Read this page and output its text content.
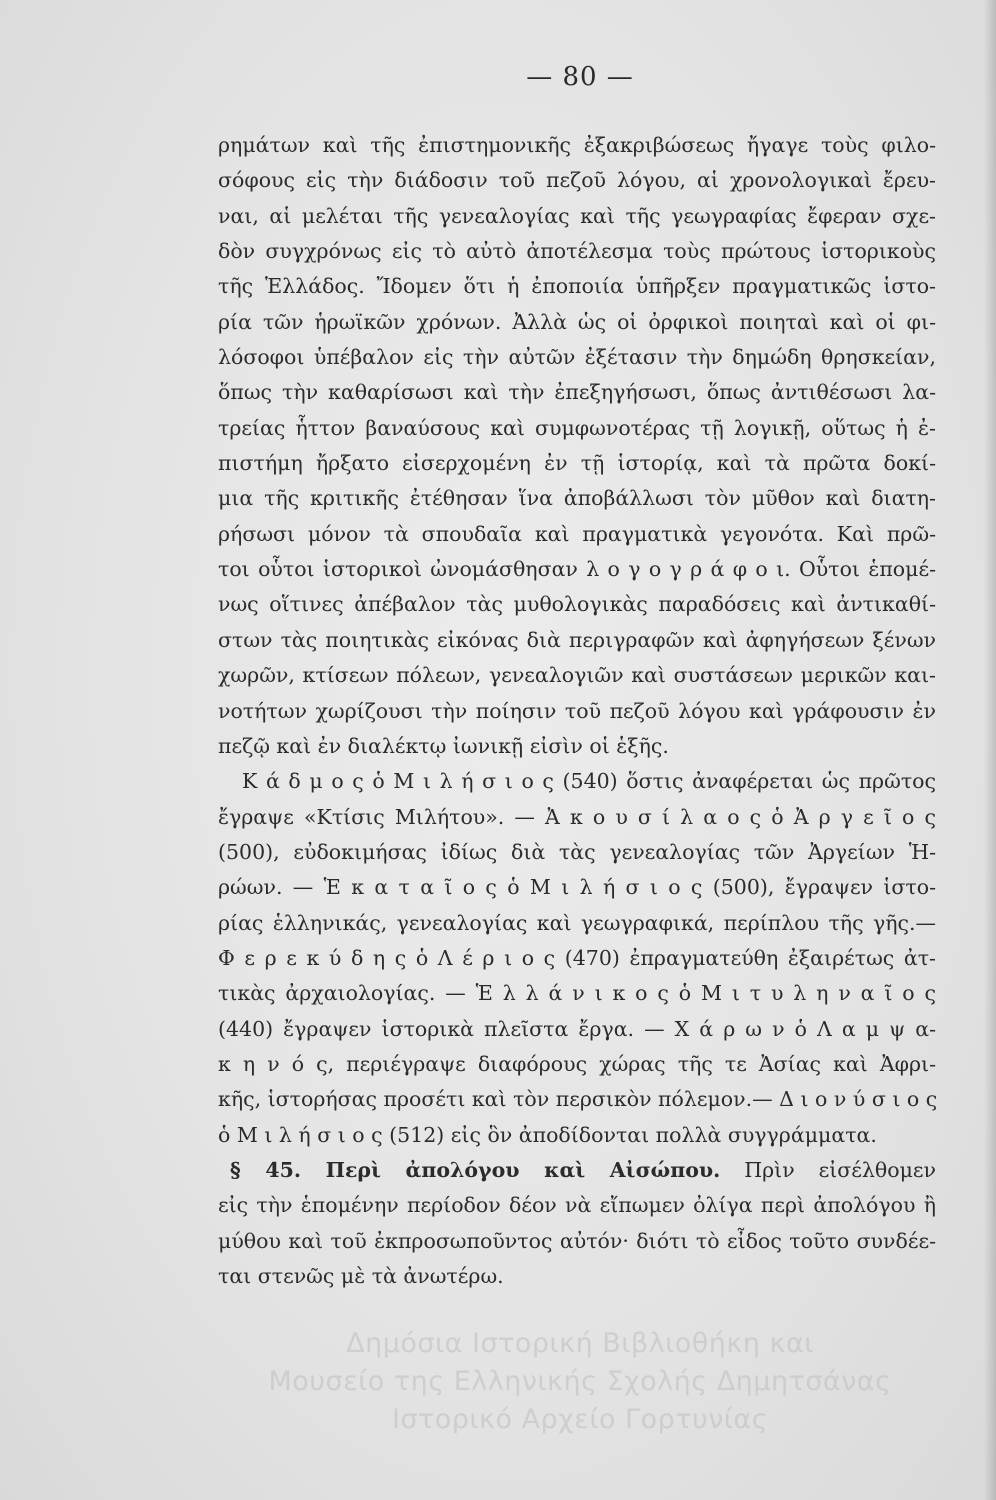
— 80 —
ρημάτων καὶ τῆς ἐπιστημονικῆς ἐξακριβώσεως ἤγαγε τοὺς φιλο-
σόφους εἰς τὴν διάδοσιν τοῦ πεζοῦ λόγου, αἱ χρονολογικαὶ ἔρευ-
ναι, αἱ μελέται τῆς γενεαλογίας καὶ τῆς γεωγραφίας ἔφεραν σχε-
δὸν συγχρόνως εἰς τὸ αὐτὸ ἀποτέλεσμα τοὺς πρώτους ἱστορικοὺς
τῆς Ἑλλάδος. Ἴδομεν ὅτι ἡ ἐποποιία ὑπῆρξεν πραγματικῶς ἱστο-
ρία τῶν ἡρωϊκῶν χρόνων. Ἀλλὰ ὡς οἱ ὀρφικοὶ ποιηταὶ καὶ οἱ φι-
λόσοφοι ὑπέβαλον εἰς τὴν αὐτῶν ἐξέτασιν τὴν δημώδη θρησκείαν,
ὅπως τὴν καθαρίσωσι καὶ τὴν ἐπεξηγήσωσι, ὅπως ἀντιθέσωσι λα-
τρείας ἧττον βαναύσους καὶ συμφωνοτέρας τῇ λογικῇ, οὕτως ἡ ἐ-
πιστήμη ἤρξατο εἰσερχομένη ἐν τῇ ἱστορίᾳ, καὶ τὰ πρῶτα δοκί-
μια τῆς κριτικῆς ἐτέθησαν ἵνα ἀποβάλλωσι τὸν μῦθον καὶ διατη-
ρήσωσι μόνον τὰ σπουδαῖα καὶ πραγματικὰ γεγονότα. Καὶ πρῶ-
τοι οὗτοι ἱστορικοὶ ὠνομάσθησαν λ ο γ ο γ ρ ά φ ο ι. Οὗτοι ἑπομέ-
νως οἵτινες ἀπέβαλον τὰς μυθολογικὰς παραδόσεις καὶ ἀντικαθί-
στων τὰς ποιητικὰς εἰκόνας διὰ περιγραφῶν καὶ ἀφηγήσεων ξένων
χωρῶν, κτίσεων πόλεων, γενεαλογιῶν καὶ συστάσεων μερικῶν και-
νοτήτων χωρίζουσι τὴν ποίησιν τοῦ πεζοῦ λόγου καὶ γράφουσιν ἐν
πεζῷ καὶ ἐν διαλέκτῳ ἰωνικῇ εἰσὶν οἱ ἑξῆς.
Κ ά δ μ ο ς ὁ Μ ι λ ή σ ι ο ς (540) ὅστις ἀναφέρεται ὡς πρῶτος
ἔγραψε «Κτίσις Μιλήτου». — Ἀ κ ο υ σ ί λ α ο ς ὁ Ἀ ρ γ ε ῖ ο ς
(500), εὐδοκιμήσας ἰδίως διὰ τὰς γενεαλογίας τῶν Ἀργείων Ἡ-
ρώων. — Ἑ κ α τ α ῖ ο ς ὁ Μ ι λ ή σ ι ο ς (500), ἔγραψεν ἱστο-
ρίας ἑλληνικάς, γενεαλογίας καὶ γεωγραφικά, περίπλου τῆς γῆς.—
Φ ε ρ ε κ ύ δ η ς ὁ Λ έ ρ ι ο ς (470) ἐπραγματεύθη ἐξαιρέτως ἀτ-
τικὰς ἀρχαιολογίας. — Ἑ λ λ ά ν ι κ ο ς ὁ Μ ι τ υ λ η ν α ῖ ο ς
(440) ἔγραψεν ἱστορικὰ πλεῖστα ἔργα. — Χ ά ρ ω ν ὁ Λ α μ ψ α-
κ η ν ό ς, περιέγραψε διαφόρους χώρας τῆς τε Ἀσίας καὶ Ἀφρι-
κῆς, ἱστορήσας προσέτι καὶ τὸν περσικὸν πόλεμον.— Δ ι ο ν ύ σ ι ο ς
ὁ Μ ι λ ή σ ι ο ς (512) εἰς ὃν ἀποδίδονται πολλὰ συγγράμματα.
§ 45. Περὶ ἀπολόγου καὶ Αἰσώπου. Πρὶν εἰσέλθομεν
εἰς τὴν ἑπομένην περίοδον δέον νὰ εἴπωμεν ὀλίγα περὶ ἀπολόγου ἢ
μύθου καὶ τοῦ ἐκπροσωποῦντος αὐτόν· διότι τὸ εἶδος τοῦτο συνδέε-
ται στενῶς μὲ τὰ ἀνωτέρω.
Δημόσια Ιστορική Βιβλιοθήκη και
Μουσείο της Ελληνικής Σχολής Δημητσάνας
Ιστορικό Αρχείο Γορτυνίας
